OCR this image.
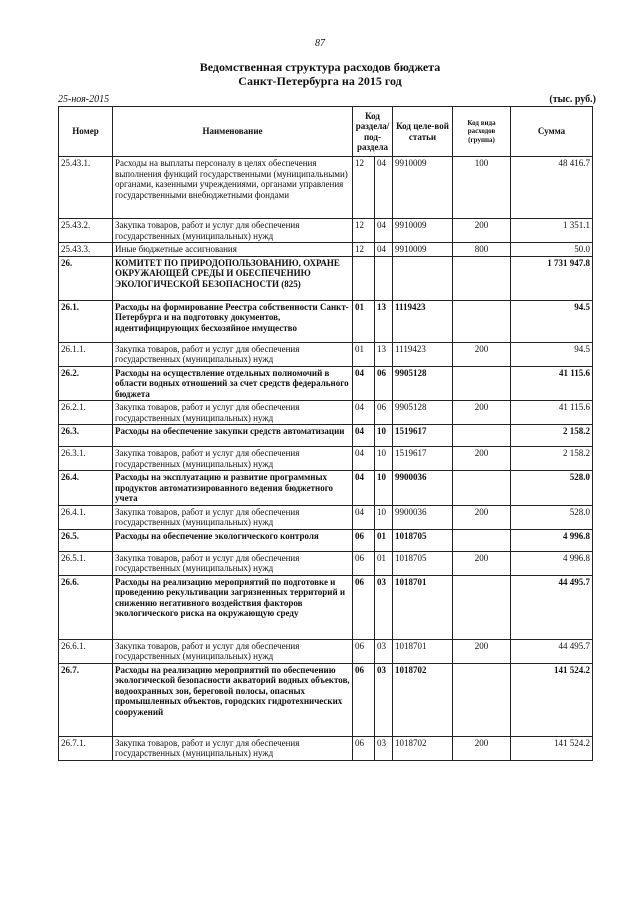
87
Ведомственная структура расходов бюджета
Санкт-Петербурга на 2015 год
25-ноя-2015	(тыс. руб.)
Номер	Наименование	Код раздела/ под-раздела		Код целе-вой статьи	Код вида расходов (группа)	Сумма
25.43.1.	Расходы на выплаты персоналу в целях обеспечения выполнения функций государственными (муниципальными) органами, казенными учреждениями, органами управления государственными внебюджетными фондами	12	04	9910009	100	48 416.7
25.43.2.	Закупка товаров, работ и услуг для обеспечения государственных (муниципальных) нужд	12	04	9910009	200	1 351.1
25.43.3.	Иные бюджетные ассигнования	12	04	9910009	800	50.0
26.	КОМИТЕТ ПО ПРИРОДОПОЛЬЗОВАНИЮ, ОХРАНЕ ОКРУЖАЮЩЕЙ СРЕДЫ И ОБЕСПЕЧЕНИЮ ЭКОЛОГИЧЕСКОЙ БЕЗОПАСНОСТИ (825)					1 731 947.8
26.1.	Расходы на формирование Реестра собственности Санкт-Петербурга и на подготовку документов, идентифицирующих бесхозяйное имущество	01	13	1119423		94.5
26.1.1.	Закупка товаров, работ и услуг для обеспечения государственных (муниципальных) нужд	01	13	1119423	200	94.5
26.2.	Расходы на осуществление отдельных полномочий в области водных отношений за счет средств федерального бюджета	04	06	9905128		41 115.6
26.2.1.	Закупка товаров, работ и услуг для обеспечения государственных (муниципальных) нужд	04	06	9905128	200	41 115.6
26.3.	Расходы на обеспечение закупки средств автоматизации	04	10	1519617		2 158.2
26.3.1.	Закупка товаров, работ и услуг для обеспечения государственных (муниципальных) нужд	04	10	1519617	200	2 158.2
26.4.	Расходы на эксплуатацию и развитие программных продуктов автоматизированного ведения бюджетного учета	04	10	9900036		528.0
26.4.1.	Закупка товаров, работ и услуг для обеспечения государственных (муниципальных) нужд	04	10	9900036	200	528.0
26.5.	Расходы на обеспечение экологического контроля	06	01	1018705		4 996.8
26.5.1.	Закупка товаров, работ и услуг для обеспечения государственных (муниципальных) нужд	06	01	1018705	200	4 996.8
26.6.	Расходы на реализацию мероприятий по подготовке и проведению рекультивации загрязненных территорий и снижению негативного воздействия факторов экологического риска на окружающую среду	06	03	1018701		44 495.7
26.6.1.	Закупка товаров, работ и услуг для обеспечения государственных (муниципальных) нужд	06	03	1018701	200	44 495.7
26.7.	Расходы на реализацию мероприятий по обеспечению экологической безопасности акваторий водных объектов, водоохранных зон, береговой полосы, опасных промышленных объектов, городских гидротехнических сооружений	06	03	1018702		141 524.2
26.7.1.	Закупка товаров, работ и услуг для обеспечения государственных (муниципальных) нужд	06	03	1018702	200	141 524.2
